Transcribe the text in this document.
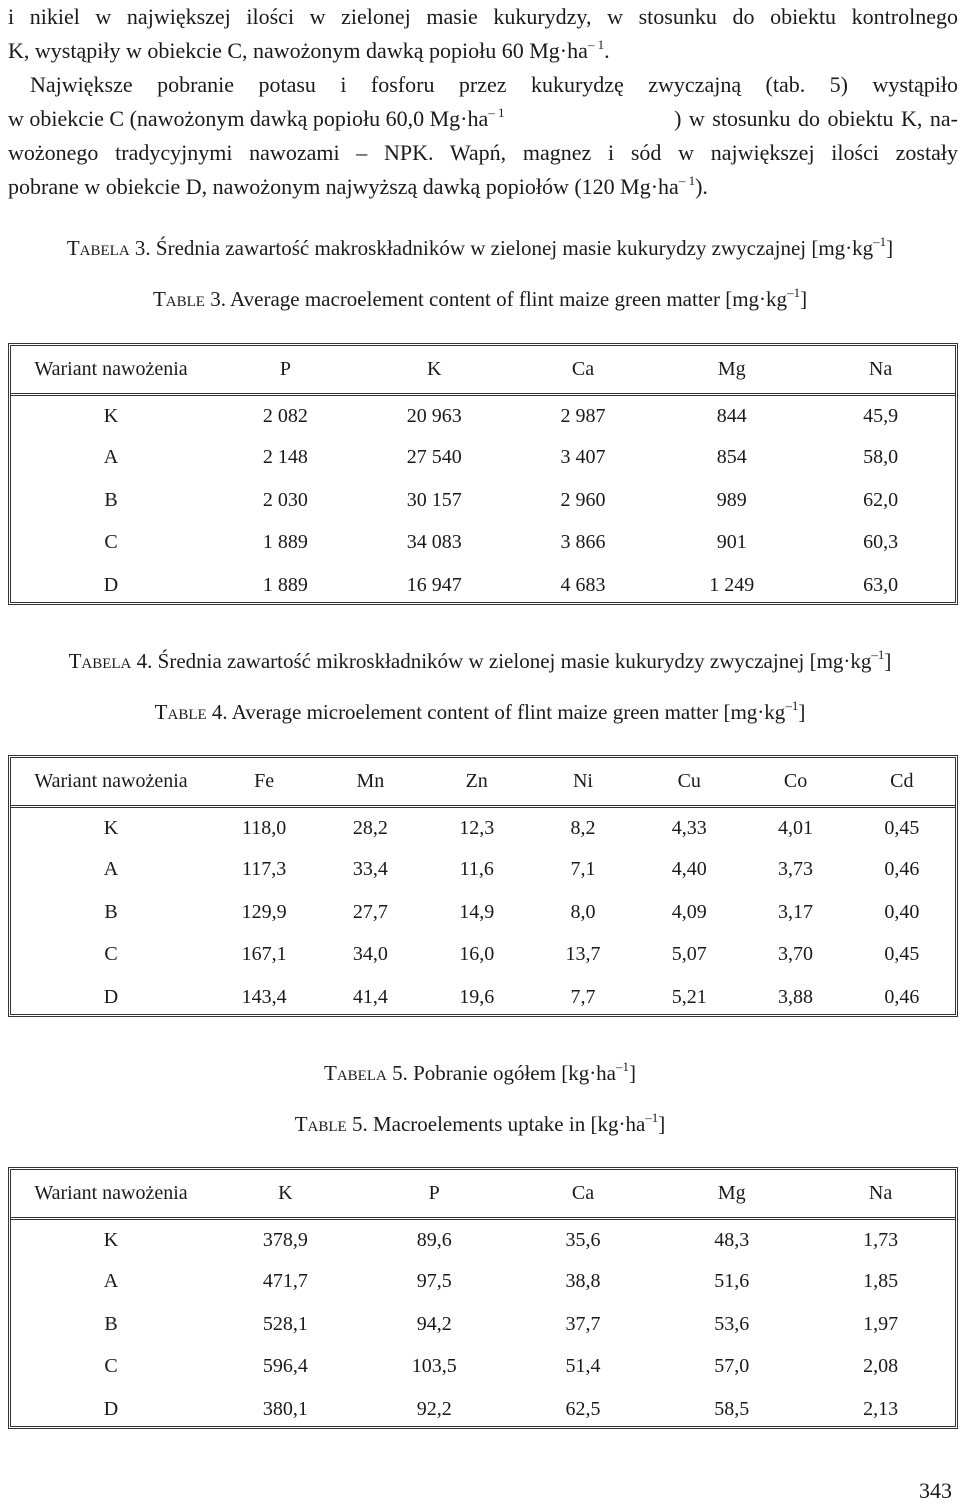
i nikiel w największej ilości w zielonej masie kukurydzy, w stosunku do obiektu kontrolnego
K, wystąpiły w obiekcie C, nawożonym dawką popiołu 60 $Mg\cdot ha^{- 1}$.
Największe pobranie potasu i fosforu przez kukurydzę zwyczajną (tab. 5) wystąpiło
w obiekcie C (nawożonym dawką popiołu 60,0 $Mg\cdot ha^{- 1}$	) w stosunku do obiektu K, na-
wożonego tradycyjnymi nawozami – NPK. Wapń, magnez i sód w największej ilości zostały
pobrane w obiekcie D, nawożonym najwyższą dawką popiołów (120 $Mg\cdot ha^{- 1}$).
TABELA 3. Średnia zawartość makroskładników w zielonej masie kukurydzy zwyczajnej $[mg\cdot kg^{-1}]$
TABLE 3. Average macroelement content of flint maize green matter $[mg\cdot kg^{-1}]$
Wariant nawożenia	P	K	Ca	Mg	Na
K	2 082	20 963	2 987	844	45,9
A	2 148	27 540	3 407	854	58,0
B	2 030	30 157	2 960	989	62,0
C	1 889	34 083	3 866	901	60,3
D	1 889	16 947	4 683	1 249	63,0
TABELA 4. Średnia zawartość mikroskładników w zielonej masie kukurydzy zwyczajnej $[mg\cdot kg^{-1}]$
TABLE 4. Average microelement content of flint maize green matter $[mg\cdot kg^{-1}]$
Wariant nawożenia	Fe	Mn	Zn	Ni	Cu	Co	Cd
K	118,0	28,2	12,3	8,2	4,33	4,01	0,45
A	117,3	33,4	11,6	7,1	4,40	3,73	0,46
B	129,9	27,7	14,9	8,0	4,09	3,17	0,40
C	167,1	34,0	16,0	13,7	5,07	3,70	0,45
D	143,4	41,4	19,6	7,7	5,21	3,88	0,46
TABELA 5. Pobranie ogółem $[kg\cdot ha^{-1}]$
TABLE 5. Macroelements uptake in $[kg\cdot ha^{-1}]$
Wariant nawożenia	K	P	Ca	Mg	Na
K	378,9	89,6	35,6	48,3	1,73
A	471,7	97,5	38,8	51,6	1,85
B	528,1	94,2	37,7	53,6	1,97
C	596,4	103,5	51,4	57,0	2,08
D	380,1	92,2	62,5	58,5	2,13
343
